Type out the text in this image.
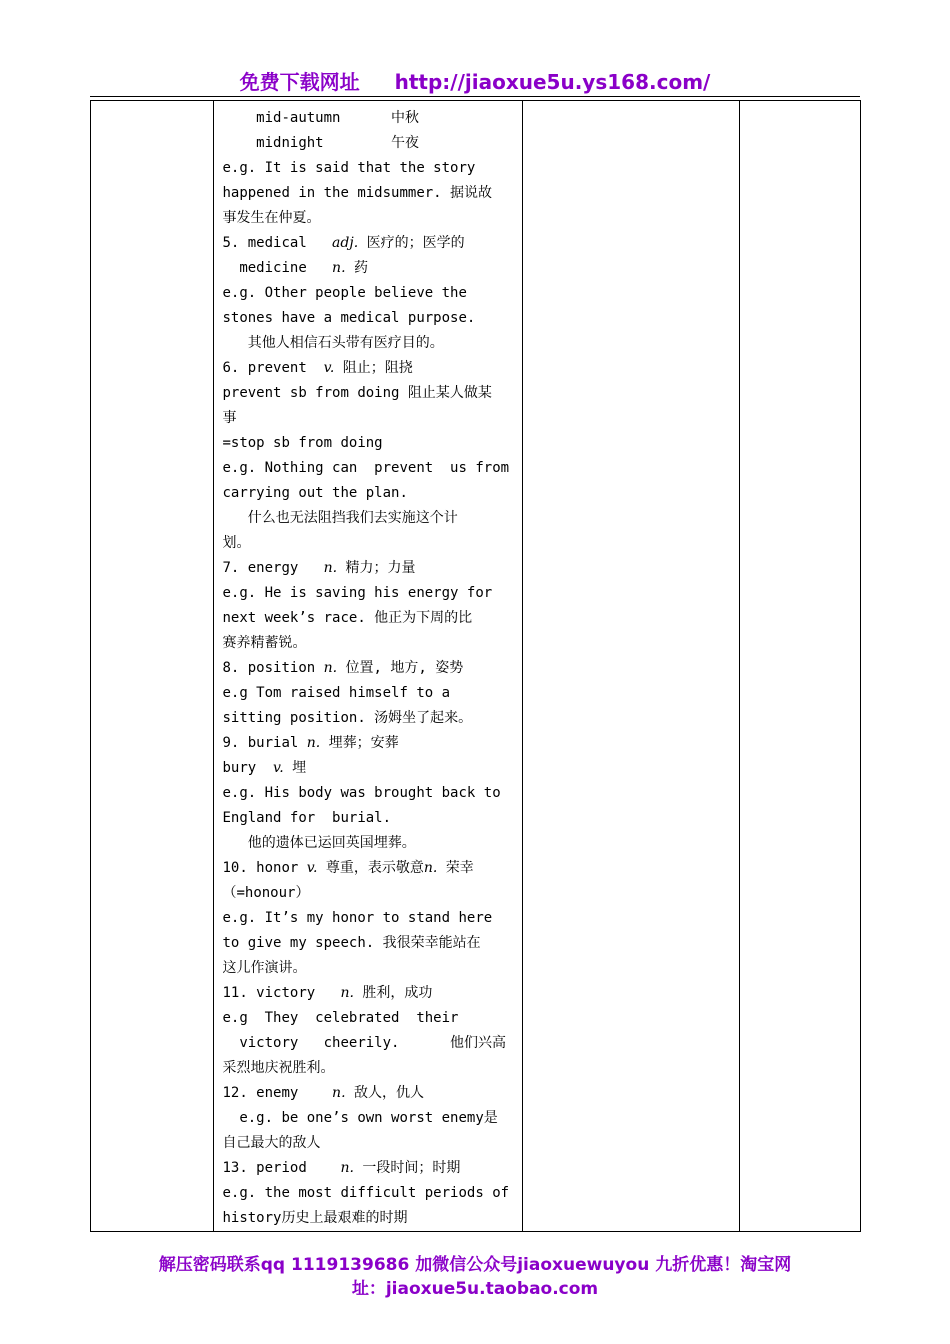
免费下载网址 http://jiaoxue5u.ys168.com/

mid-autumn      中秋
midnight        午夜
e.g. It is said that the story
happened in the midsummer. 据说故
事发生在仲夏。
5. medical   adj. 医疗的；医学的
medicine   n. 药
e.g. Other people believe the
stones have a medical purpose.
其他人相信石头带有医疗目的。
6. prevent  v. 阻止；阻挠
prevent sb from doing 阻止某人做某
事
=stop sb from doing
e.g. Nothing can  prevent  us from
carrying out the plan.
什么也无法阻挡我们去实施这个计
划。
7. energy   n. 精力；力量
e.g. He is saving his energy for
next week’s race. 他正为下周的比
赛养精蓄锐。
8. position n. 位置, 地方, 姿势
e.g Tom raised himself to a
sitting position. 汤姆坐了起来。
9. burial n. 埋葬；安葬
bury  v. 埋
e.g. His body was brought back to
England for  burial.
他的遗体已运回英国埋葬。
10. honor v. 尊重，表示敬意n. 荣幸
（=honour）
e.g. It’s my honor to stand here
to give my speech. 我很荣幸能站在
这儿作演讲。
11. victory   n. 胜利，成功
e.g  They  celebrated  their
victory   cheerily.      他们兴高
采烈地庆祝胜利。
12. enemy    n. 敌人，仇人
e.g. be one’s own worst enemy是
自己最大的敌人
13. period    n. 一段时间；时期
e.g. the most difficult periods of
history历史上最艰难的时期

解压密码联系qq 1119139686 加微信公众号jiaoxuewuyou 九折优惠！淘宝网
址：jiaoxue5u.taobao.com
